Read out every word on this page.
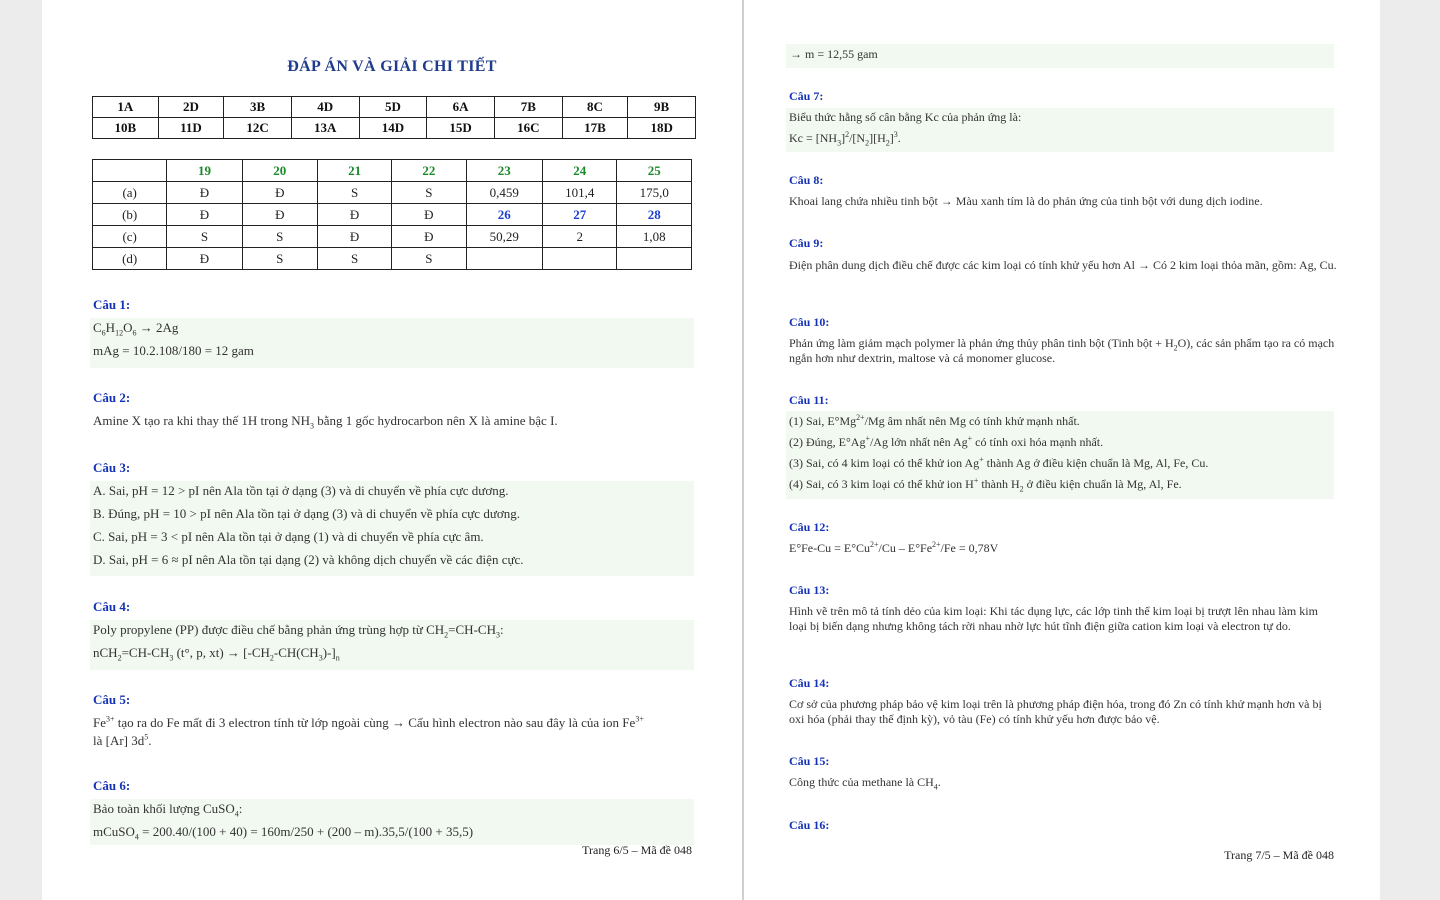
ĐÁP ÁN VÀ GIẢI CHI TIẾT
1A	2D	3B	4D	5D	6A	7B	8C	9B
10B	11D	12C	13A	14D	15D	16C	17B	18D
	19	20	21	22	23	24	25
(a)	Đ	Đ	S	S	0,459	101,4	175,0
(b)	Đ	Đ	Đ	Đ	26	27	28
(c)	S	S	Đ	Đ	50,29	2	1,08
(d)	Đ	S	S	S			
Câu 1:
$C_6H_{12}O_6 \to 2Ag$
mAg = 10.2.108/180 = 12 gam
Câu 2:
Amine X tạo ra khi thay thế 1H trong $NH_3$ bằng 1 gốc hydrocarbon nên X là amine bậc I.
Câu 3:
A. Sai, pH = 12 > pI nên Ala tồn tại ở dạng (3) và di chuyển về phía cực dương.
B. Đúng, pH = 10 > pI nên Ala tồn tại ở dạng (3) và di chuyển về phía cực dương.
C. Sai, pH = 3 < pI nên Ala tồn tại ở dạng (1) và di chuyển về phía cực âm.
D. Sai, pH = 6 ≈ pI nên Ala tồn tại dạng (2) và không dịch chuyển về các điện cực.
Câu 4:
Poly propylene (PP) được điều chế bằng phản ứng trùng hợp từ $CH_2=CH-CH_3$:
$nCH_2=CH-CH_3$ (t°, p, $xt) \to [-CH_2-CH(CH_3)-]_n$
Câu 5:
$Fe^{3+}$ tạo ra do Fe mất đi 3 electron tính từ lớp ngoài cùng → Cấu hình electron nào sau đây là của ion $Fe^{3+}$
là [Ar] $3d^5$.
Câu 6:
Bảo toàn khối lượng CuSO$_4$:
mCuSO$_4$ = 200.40/(100 + 40) = 160m/250 + (200 – m).35,5/(100 + 35,5)
Trang 6/5 – Mã đề 048
→ m = 12,55 gam
Câu 7:
Biểu thức hằng số cân bằng Kc của phản ứng là:
$Kc = [NH_3]^2/[N_2][H_2]^3$.
Câu 8:
Khoai lang chứa nhiều tinh bột → Màu xanh tím là do phản ứng của tinh bột với dung dịch iodine.
Câu 9:
Điện phân dung dịch điều chế được các kim loại có tính khử yếu hơn Al → Có 2 kim loại thỏa mãn, gồm: Ag, Cu.
Câu 10:
Phản ứng làm giảm mạch polymer là phản ứng thủy phân tinh bột (Tinh bột + $H_2O$), các sản phẩm tạo ra có mạch ngắn hơn như dextrin, maltose và cả monomer glucose.
Câu 11:
(1) Sai, $E^\circ Mg^{2+}/Mg$ âm nhất nên Mg có tính khử mạnh nhất.
(2) Đúng, E°Ag+/Ag lớn nhất nên Ag+ có tính oxi hóa mạnh nhất.
(3) Sai, có 4 kim loại có thể khử ion Ag+ thành Ag ở điều kiện chuẩn là Mg, Al, Fe, Cu.
(4) Sai, có 3 kim loại có thể khử ion H+ thành $H_2$ ở điều kiện chuẩn là Mg, Al, Fe.
Câu 12:
$E^\circ Fe-Cu = E^\circ Cu^{2+}/Cu - E^\circ Fe^{2+}/Fe = 0,78V$
Câu 13:
Hình vẽ trên mô tả tính dẻo của kim loại: Khi tác dụng lực, các lớp tinh thể kim loại bị trượt lên nhau làm kim loại bị biến dạng nhưng không tách rời nhau nhờ lực hút tĩnh điện giữa cation kim loại và electron tự do.
Câu 14:
Cơ sở của phương pháp bảo vệ kim loại trên là phương pháp điện hóa, trong đó Zn có tính khử mạnh hơn và bị oxi hóa (phải thay thế định kỳ), vỏ tàu (Fe) có tính khử yếu hơn được bảo vệ.
Câu 15:
Công thức của methane là $CH_4$.
Câu 16:
Trang 7/5 – Mã đề 048
